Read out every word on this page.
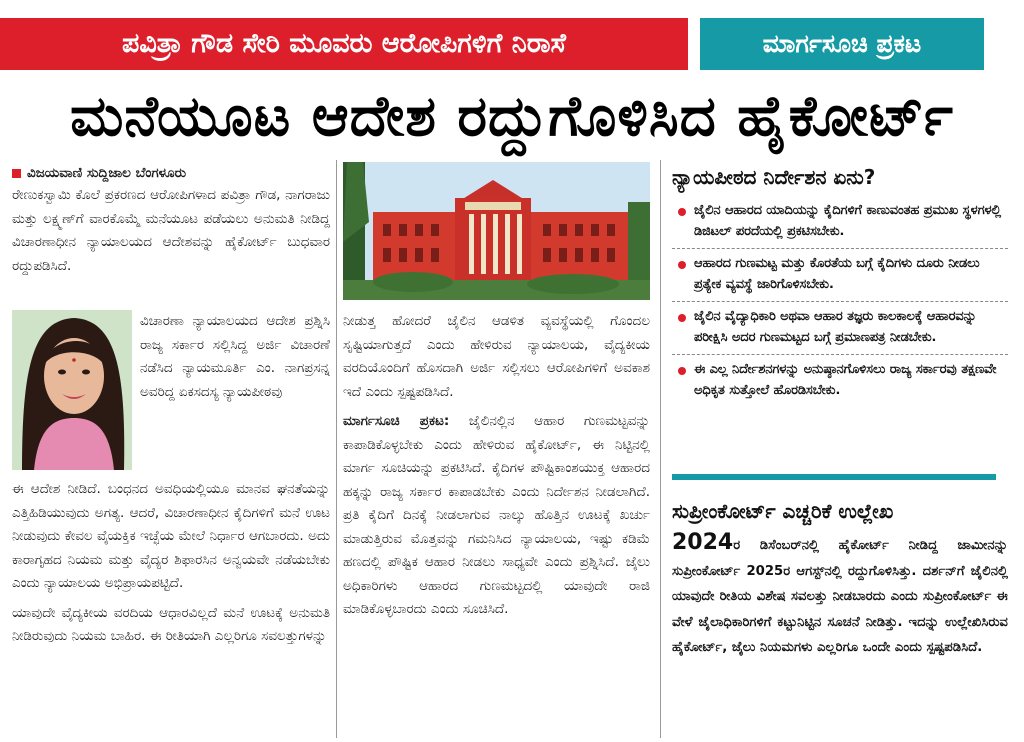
ಪವಿತ್ರಾ ಗೌಡ ಸೇರಿ ಮೂವರು ಆರೋಪಿಗಳಿಗೆ ನಿರಾಸೆ	ಮಾರ್ಗಸೂಚಿ ಪ್ರಕಟ
ಮನೆಯೂಟ ಆದೇಶ ರದ್ದುಗೊಳಿಸಿದ ಹೈಕೋರ್ಟ್
ವಿಜಯವಾಣಿ ಸುದ್ದಿಜಾಲ ಬೆಂಗಳೂರು

ರೇಣುಕಸ್ವಾಮಿ ಕೊಲೆ ಪ್ರಕರಣದ ಆರೋಪಿಗಳಾದ ಪವಿತ್ರಾ ಗೌಡ, ನಾಗರಾಜು ಮತ್ತು ಲಕ್ಷ್ಮಣ್‌ಗೆ ವಾರಕೊಮ್ಮೆ ಮನೆಯೂಟ ಪಡೆಯಲು ಅನುಮತಿ ನೀಡಿದ್ದ ವಿಚಾರಣಾಧೀನ ನ್ಯಾಯಾಲಯದ ಆದೇಶವನ್ನು ಹೈಕೋರ್ಟ್ ಬುಧವಾರ ರದ್ದುಪಡಿಸಿದೆ.

ವಿಚಾರಣಾ ನ್ಯಾಯಾಲಯದ ಆದೇಶ ಪ್ರಶ್ನಿಸಿ ರಾಜ್ಯ ಸರ್ಕಾರ ಸಲ್ಲಿಸಿದ್ದ ಅರ್ಜಿ ವಿಚಾರಣೆ ನಡೆಸಿದ ನ್ಯಾಯಮೂರ್ತಿ ಎಂ. ನಾಗಪ್ರಸನ್ನ ಅವರಿದ್ದ ಏಕಸದಸ್ಯ ನ್ಯಾಯಪೀಠವು

ಈ ಆದೇಶ ನೀಡಿದೆ. ಬಂಧನದ ಅವಧಿಯಲ್ಲಿಯೂ ಮಾನವ ಘನತೆಯನ್ನು ಎತ್ತಿಹಿಡಿಯುವುದು ಅಗತ್ಯ. ಆದರೆ, ವಿಚಾರಣಾಧೀನ ಕೈದಿಗಳಿಗೆ ಮನೆ ಊಟ ನೀಡುವುದು ಕೇವಲ ವೈಯಕ್ತಿಕ ಇಚ್ಛೆಯ ಮೇಲೆ ನಿರ್ಧಾರ ಆಗಬಾರದು. ಅದು ಕಾರಾಗೃಹದ ನಿಯಮ ಮತ್ತು ವೈದ್ಯರ ಶಿಫಾರಸಿನ ಅನ್ವಯವೇ ನಡೆಯಬೇಕು ಎಂದು ನ್ಯಾಯಾಲಯ ಅಭಿಪ್ರಾಯಪಟ್ಟಿದೆ.

ಯಾವುದೇ ವೈದ್ಯಕೀಯ ವರದಿಯ ಆಧಾರವಿಲ್ಲದೆ ಮನೆ ಊಟಕ್ಕೆ ಅನುಮತಿ ನೀಡಿರುವುದು ನಿಯಮ ಬಾಹಿರ. ಈ ರೀತಿಯಾಗಿ ಎಲ್ಲರಿಗೂ ಸವಲತ್ತುಗಳನ್ನು

ನೀಡುತ್ತ ಹೋದರೆ ಜೈಲಿನ ಆಡಳಿತ ವ್ಯವಸ್ಥೆಯಲ್ಲಿ ಗೊಂದಲ ಸೃಷ್ಟಿಯಾಗುತ್ತದೆ ಎಂದು ಹೇಳಿರುವ ನ್ಯಾಯಾಲಯ, ವೈದ್ಯಕೀಯ ವರದಿಯೊಂದಿಗೆ ಹೊಸದಾಗಿ ಅರ್ಜಿ ಸಲ್ಲಿಸಲು ಆರೋಪಿಗಳಿಗೆ ಅವಕಾಶ ಇದೆ ಎಂದು ಸ್ಪಷ್ಟಪಡಿಸಿದೆ.

ಮಾರ್ಗಸೂಚಿ ಪ್ರಕಟ: ಜೈಲಿನಲ್ಲಿನ ಆಹಾರ ಗುಣಮಟ್ಟವನ್ನು ಕಾಪಾಡಿಕೊಳ್ಳಬೇಕು ಎಂದು ಹೇಳಿರುವ ಹೈಕೋರ್ಟ್, ಈ ನಿಟ್ಟಿನಲ್ಲಿ ಮಾರ್ಗ ಸೂಚಿಯನ್ನು ಪ್ರಕಟಿಸಿದೆ. ಕೈದಿಗಳ ಪೌಷ್ಟಿಕಾಂಶಯುಕ್ತ ಆಹಾರದ ಹಕ್ಕನ್ನು ರಾಜ್ಯ ಸರ್ಕಾರ ಕಾಪಾಡಬೇಕು ಎಂದು ನಿರ್ದೇಶನ ನೀಡಲಾಗಿದೆ. ಪ್ರತಿ ಕೈದಿಗೆ ದಿನಕ್ಕೆ ನೀಡಲಾಗುವ ನಾಲ್ಕು ಹೊತ್ತಿನ ಊಟಕ್ಕೆ ಖರ್ಚು ಮಾಡುತ್ತಿರುವ ಮೊತ್ತವನ್ನು ಗಮನಿಸಿದ ನ್ಯಾಯಾಲಯ, ಇಷ್ಟು ಕಡಿಮೆ ಹಣದಲ್ಲಿ ಪೌಷ್ಟಿಕ ಆಹಾರ ನೀಡಲು ಸಾಧ್ಯವೇ ಎಂದು ಪ್ರಶ್ನಿಸಿದೆ. ಜೈಲು ಅಧಿಕಾರಿಗಳು ಆಹಾರದ ಗುಣಮಟ್ಟದಲ್ಲಿ ಯಾವುದೇ ರಾಜಿ ಮಾಡಿಕೊಳ್ಳಬಾರದು ಎಂದು ಸೂಚಿಸಿದೆ.

ನ್ಯಾಯಪೀಠದ ನಿರ್ದೇಶನ ಏನು?
ಜೈಲಿನ ಆಹಾರದ ಯಾದಿಯನ್ನು ಕೈದಿಗಳಿಗೆ ಕಾಣುವಂತಹ ಪ್ರಮುಖ ಸ್ಥಳಗಳಲ್ಲಿ ಡಿಜಿಟಲ್ ಪರದೆಯಲ್ಲಿ ಪ್ರಕಟಿಸಬೇಕು.
ಆಹಾರದ ಗುಣಮಟ್ಟ ಮತ್ತು ಕೊರತೆಯ ಬಗ್ಗೆ ಕೈದಿಗಳು ದೂರು ನೀಡಲು ಪ್ರತ್ಯೇಕ ವ್ಯವಸ್ಥೆ ಜಾರಿಗೊಳಿಸಬೇಕು.
ಜೈಲಿನ ವೈದ್ಯಾಧಿಕಾರಿ ಅಥವಾ ಆಹಾರ ತಜ್ಞರು ಕಾಲಕಾಲಕ್ಕೆ ಆಹಾರವನ್ನು ಪರೀಕ್ಷಿಸಿ ಅದರ ಗುಣಮಟ್ಟದ ಬಗ್ಗೆ ಪ್ರಮಾಣಪತ್ರ ನೀಡಬೇಕು.
ಈ ಎಲ್ಲ ನಿರ್ದೇಶನಗಳನ್ನು ಅನುಷ್ಠಾನಗೊಳಿಸಲು ರಾಜ್ಯ ಸರ್ಕಾರವು ತಕ್ಷಣವೇ ಅಧಿಕೃತ ಸುತ್ತೋಲೆ ಹೊರಡಿಸಬೇಕು.
ಸುಪ್ರೀಂಕೋರ್ಟ್ ಎಚ್ಚರಿಕೆ ಉಲ್ಲೇಖ
2024ರ ಡಿಸೆಂಬರ್‌ನಲ್ಲಿ ಹೈಕೋರ್ಟ್ ನೀಡಿದ್ದ ಜಾಮೀನನ್ನು ಸುಪ್ರೀಂಕೋರ್ಟ್ 2025ರ ಆಗಸ್ಟ್‌ನಲ್ಲಿ ರದ್ದುಗೊಳಿಸಿತ್ತು. ದರ್ಶನ್‌ಗೆ ಜೈಲಿನಲ್ಲಿ ಯಾವುದೇ ರೀತಿಯ ವಿಶೇಷ ಸವಲತ್ತು ನೀಡಬಾರದು ಎಂದು ಸುಪ್ರೀಂಕೋರ್ಟ್ ಈ ವೇಳೆ ಜೈಲಾಧಿಕಾರಿಗಳಿಗೆ ಕಟ್ಟುನಿಟ್ಟಿನ ಸೂಚನೆ ನೀಡಿತ್ತು. ಇದನ್ನು ಉಲ್ಲೇಖಿಸಿರುವ ಹೈಕೋರ್ಟ್, ಜೈಲು ನಿಯಮಗಳು ಎಲ್ಲರಿಗೂ ಒಂದೇ ಎಂದು ಸ್ಪಷ್ಟಪಡಿಸಿದೆ.
